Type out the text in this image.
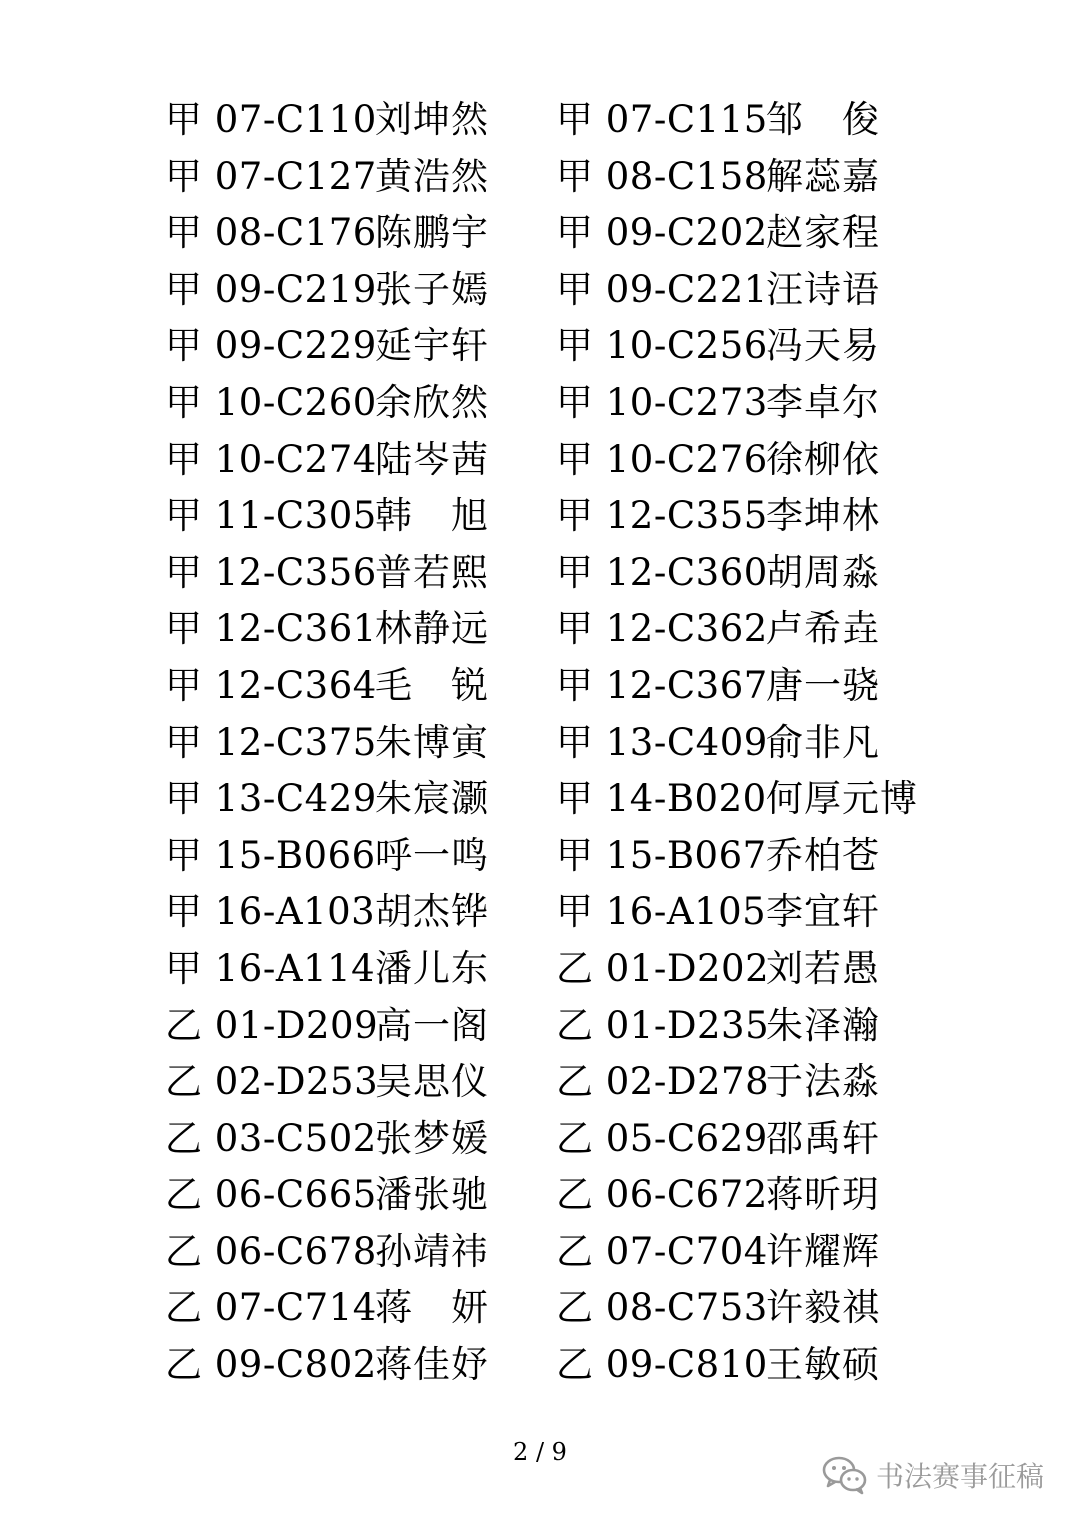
甲 07-C110刘坤然 甲 07-C115邹　俊
甲 07-C127黄浩然 甲 08-C158解蕊嘉
甲 08-C176陈鹏宇 甲 09-C202赵家程
甲 09-C219张子嫣 甲 09-C221汪诗语
甲 09-C229延宇轩 甲 10-C256冯天易
甲 10-C260余欣然 甲 10-C273李卓尔
甲 10-C274陆岑茜 甲 10-C276徐柳依
甲 11-C305韩　旭 甲 12-C355李坤林
甲 12-C356普若熙 甲 12-C360胡周淼
甲 12-C361林静远 甲 12-C362卢希垚
甲 12-C364毛　锐 甲 12-C367唐一骁
甲 12-C375朱博寅 甲 13-C409俞非凡
甲 13-C429朱宸灏 甲 14-B020何厚元博
甲 15-B066呼一鸣 甲 15-B067乔柏苍
甲 16-A103胡杰铧 甲 16-A105李宜轩
甲 16-A114潘儿东 乙 01-D202刘若愚
乙 01-D209高一阁 乙 01-D235朱泽瀚
乙 02-D253吴思仪 乙 02-D278于法淼
乙 03-C502张梦媛 乙 05-C629邵禹轩
乙 06-C665潘张驰 乙 06-C672蒋昕玥
乙 06-C678孙靖祎 乙 07-C704许耀辉
乙 07-C714蒋　妍 乙 08-C753许毅祺
乙 09-C802蒋佳妤 乙 09-C810王敏硕
2 / 9
书法赛事征稿
